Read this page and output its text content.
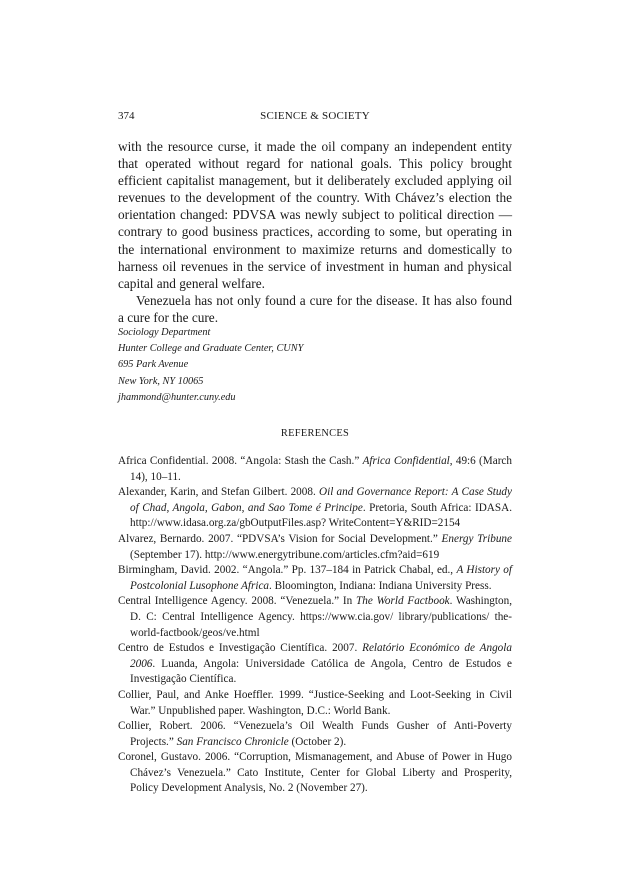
374	SCIENCE & SOCIETY

with the resource curse, it made the oil company an independent entity that operated without regard for national goals. This policy brought efficient capitalist management, but it deliberately excluded applying oil revenues to the development of the country. With Chávez’s election the orientation changed: PDVSA was newly subject to political direction — contrary to good business practices, according to some, but operating in the international environment to maximize returns and domestically to harness oil revenues in the service of investment in human and physical capital and general welfare.

Venezuela has not only found a cure for the disease. It has also found a cure for the cure.

Sociology Department
Hunter College and Graduate Center, CUNY
695 Park Avenue
New York, NY 10065
jhammond@hunter.cuny.edu
REFERENCES
Africa Confidential. 2008. “Angola: Stash the Cash.” Africa Confidential, 49:6 (March 14), 10–11.
Alexander, Karin, and Stefan Gilbert. 2008. Oil and Governance Report: A Case Study of Chad, Angola, Gabon, and Sao Tome é Principe. Pretoria, South Africa: IDASA. http://www.idasa.org.za/gbOutputFiles.asp? WriteContent=Y&RID=2154
Alvarez, Bernardo. 2007. “PDVSA’s Vision for Social Development.” Energy Tribune (September 17). http://www.energytribune.com/articles.cfm?aid=619
Birmingham, David. 2002. “Angola.” Pp. 137–184 in Patrick Chabal, ed., A History of Postcolonial Lusophone Africa. Bloomington, Indiana: Indiana University Press.
Central Intelligence Agency. 2008. “Venezuela.” In The World Factbook. Washington, D. C: Central Intelligence Agency. https://www.cia.gov/ library/publications/ the-world-factbook/geos/ve.html
Centro de Estudos e Investigação Científica. 2007. Relatório Económico de Angola 2006. Luanda, Angola: Universidade Católica de Angola, Centro de Estudos e Investigação Científica.
Collier, Paul, and Anke Hoeffler. 1999. “Justice-Seeking and Loot-Seeking in Civil War.” Unpublished paper. Washington, D.C.: World Bank.
Collier, Robert. 2006. “Venezuela’s Oil Wealth Funds Gusher of Anti-Poverty Projects.” San Francisco Chronicle (October 2).
Coronel, Gustavo. 2006. “Corruption, Mismanagement, and Abuse of Power in Hugo Chávez’s Venezuela.” Cato Institute, Center for Global Liberty and Prosperity, Policy Development Analysis, No. 2 (November 27).
